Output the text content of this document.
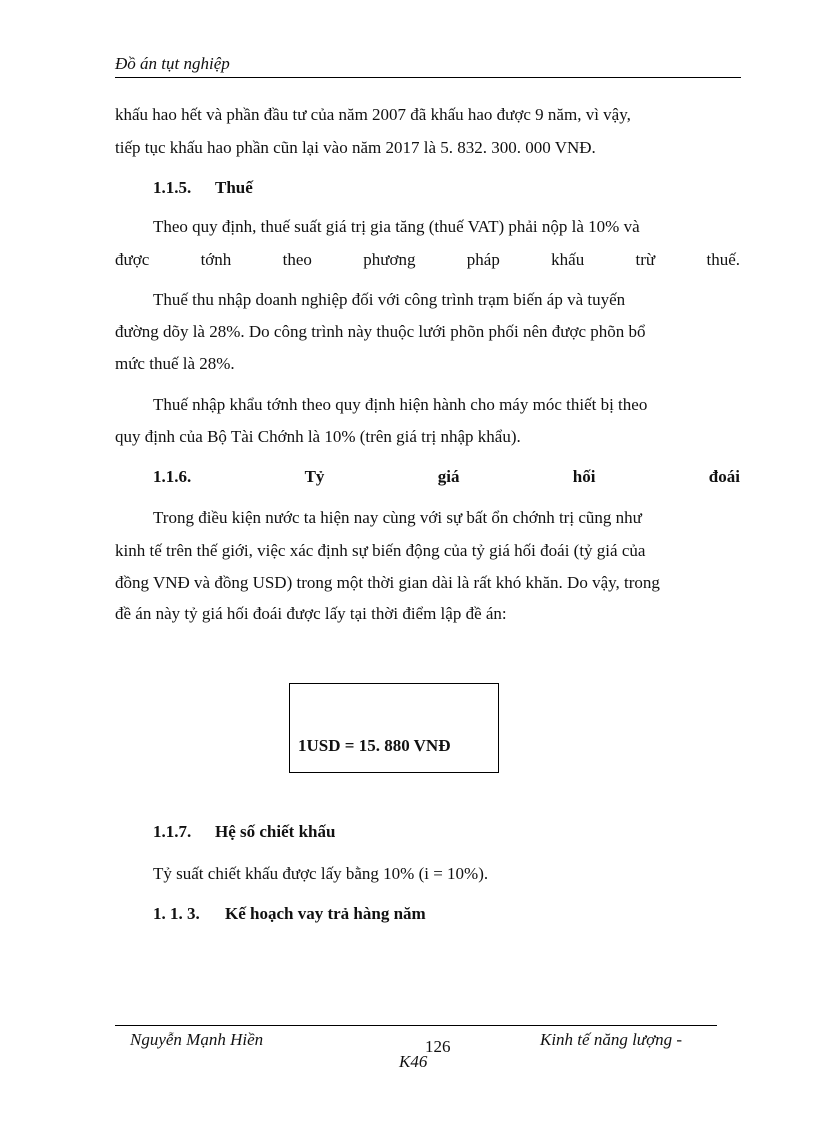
Đồ án tụt nghiệp
khấu hao hết và phần đầu tư của năm 2007 đã khấu hao được 9 năm, vì vậy,
tiếp tục khấu hao phần cũn lại vào năm 2017 là 5. 832. 300. 000 VNĐ.
1.1.5. Thuế
Theo quy định, thuế suất giá trị gia tăng (thuế VAT) phải nộp là 10% và
được	tớnh	theo	phương	pháp	khấu	trừ	thuế.
Thuế thu nhập doanh nghiệp đối với công trình trạm biến áp và tuyến
đường dõy là 28%. Do công trình này thuộc lưới phõn phối nên được phõn bổ
mức thuế là 28%.
Thuế nhập khẩu tớnh theo quy định hiện hành cho máy móc thiết bị theo
quy định của Bộ Tài Chớnh là 10% (trên giá trị nhập khẩu).
1.1.6.	Tỷ	giá	hối	đoái
Trong điều kiện nước ta hiện nay cùng với sự bất ổn chớnh trị cũng như
kinh tế trên thế giới, việc xác định sự biến động của tỷ giá hối đoái (tỷ giá của
đồng VNĐ và đồng USD) trong một thời gian dài là rất khó khăn. Do vậy, trong
đề án này tỷ giá hối đoái được lấy tại thời điểm lập đề án:
1USD = 15. 880 VNĐ
1.1.7. Hệ số chiết khấu
Tỷ suất chiết khấu được lấy bằng 10% (i = 10%).
1. 1. 3. Kế hoạch vay trả hàng năm
Nguyễn Mạnh Hiền	126	Kinh tế năng lượng -
K46
